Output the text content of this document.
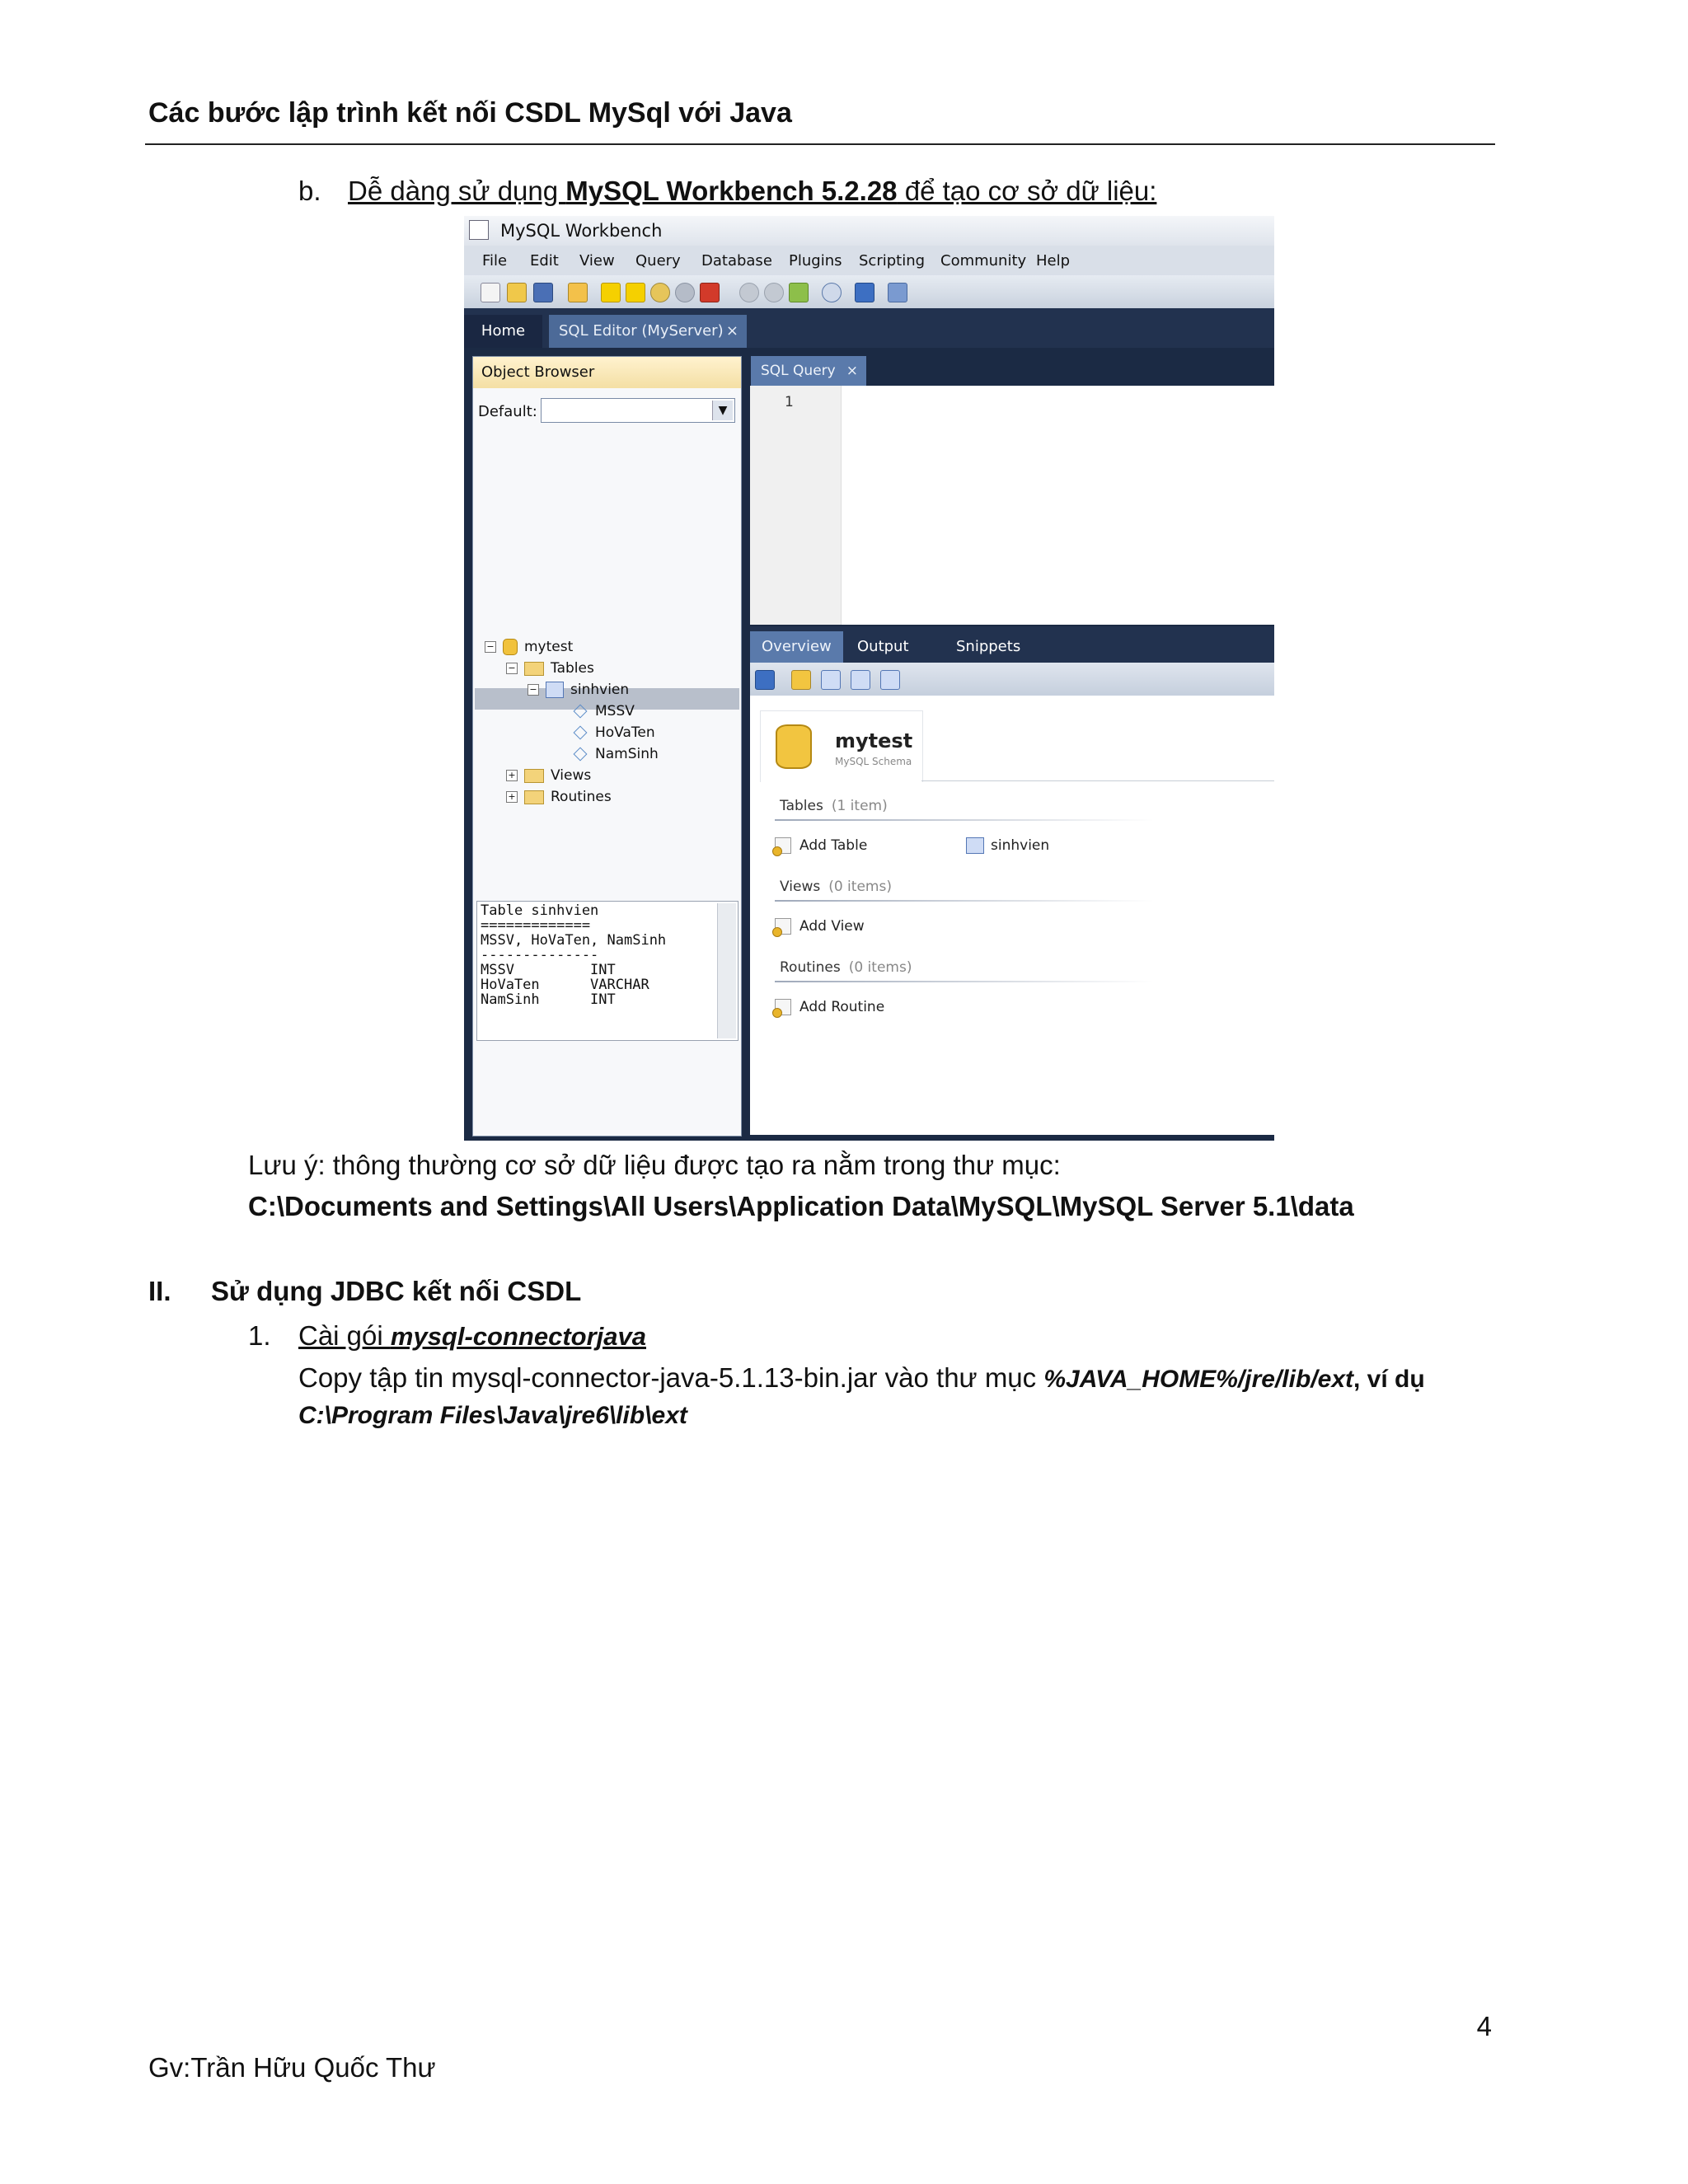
Các bước lập trình kết nối CSDL MySql với Java
b. Dễ dàng sử dụng MySQL Workbench 5.2.28 để tạo cơ sở dữ liệu:
MySQL Workbench
File Edit View Query Database Plugins Scripting Community Help
Home	SQL Editor (MyServer) ×
Object Browser
Default:	▼
− mytest
− Tables
− sinhvien
MSSV
HoVaTen
NamSinh
+ Views
+ Routines
Table sinhvien
=============
MSSV, HoVaTen, NamSinh
--------------
MSSV         INT
HoVaTen      VARCHAR
NamSinh      INT
SQL Query ×
1
Overview	Output	Snippets
mytest
MySQL Schema
Tables (1 item)
Add Table	sinhvien
Views (0 items)
Add View
Routines (0 items)
Add Routine
Lưu ý: thông thường cơ sở dữ liệu được tạo ra nằm trong thư mục:
C:\Documents and Settings\All Users\Application Data\MySQL\MySQL Server 5.1\data
II. Sử dụng JDBC kết nối CSDL
1. Cài gói mysql-connectorjava
Copy tập tin mysql-connector-java-5.1.13-bin.jar vào thư mục %JAVA_HOME%/jre/lib/ext, ví dụ
C:\Program Files\Java\jre6\lib\ext
4
Gv:Trần Hữu Quốc Thư
